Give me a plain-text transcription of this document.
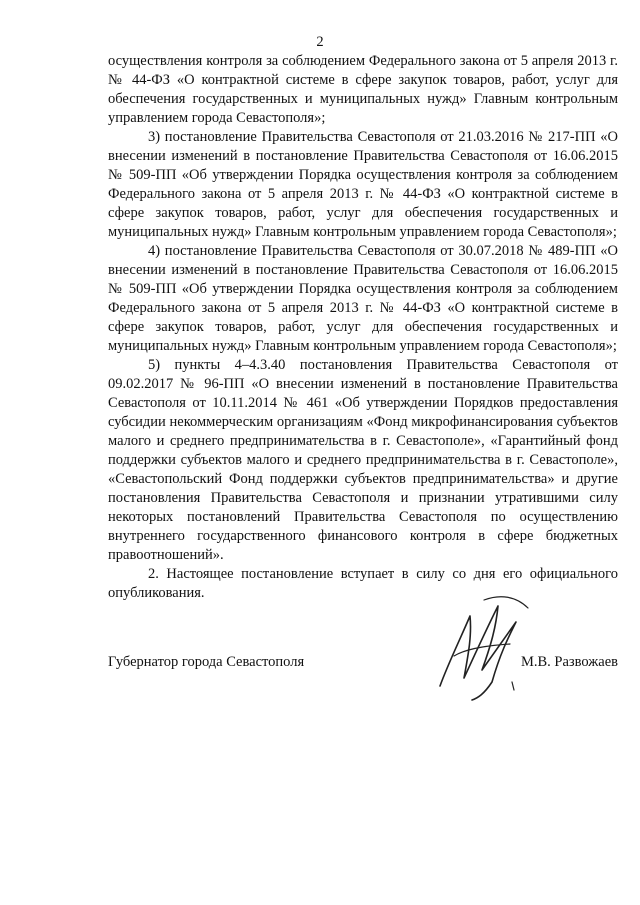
2

осуществления контроля за соблюдением Федерального закона от 5 апреля 2013 г. № 44-ФЗ «О контрактной системе в сфере закупок товаров, работ, услуг для обеспечения государственных и муниципальных нужд» Главным контрольным управлением города Севастополя»;

3) постановление Правительства Севастополя от 21.03.2016 № 217-ПП «О внесении изменений в постановление Правительства Севастополя от 16.06.2015 № 509-ПП «Об утверждении Порядка осуществления контроля за соблюдением Федерального закона от 5 апреля 2013 г. № 44-ФЗ «О контрактной системе в сфере закупок товаров, работ, услуг для обеспечения государственных и муниципальных нужд» Главным контрольным управлением города Севастополя»;

4) постановление Правительства Севастополя от 30.07.2018 № 489-ПП «О внесении изменений в постановление Правительства Севастополя от 16.06.2015 № 509-ПП «Об утверждении Порядка осуществления контроля за соблюдением Федерального закона от 5 апреля 2013 г. № 44-ФЗ «О контрактной системе в сфере закупок товаров, работ, услуг для обеспечения государственных и муниципальных нужд» Главным контрольным управлением города Севастополя»;

5) пункты 4–4.3.40 постановления Правительства Севастополя от 09.02.2017 № 96-ПП «О внесении изменений в постановление Правительства Севастополя от 10.11.2014 № 461 «Об утверждении Порядков предоставления субсидии некоммерческим организациям «Фонд микрофинансирования субъектов малого и среднего предпринимательства в г. Севастополе», «Гарантийный фонд поддержки субъектов малого и среднего предпринимательства в г. Севастополе», «Севастопольский Фонд поддержки субъектов предпринимательства» и другие постановления Правительства Севастополя и признании утратившими силу некоторых постановлений Правительства Севастополя по осуществлению внутреннего государственного финансового контроля в сфере бюджетных правоотношений».

2. Настоящее постановление вступает в силу со дня его официального опубликования.

Губернатор города Севастополя	М.В. Развожаев
